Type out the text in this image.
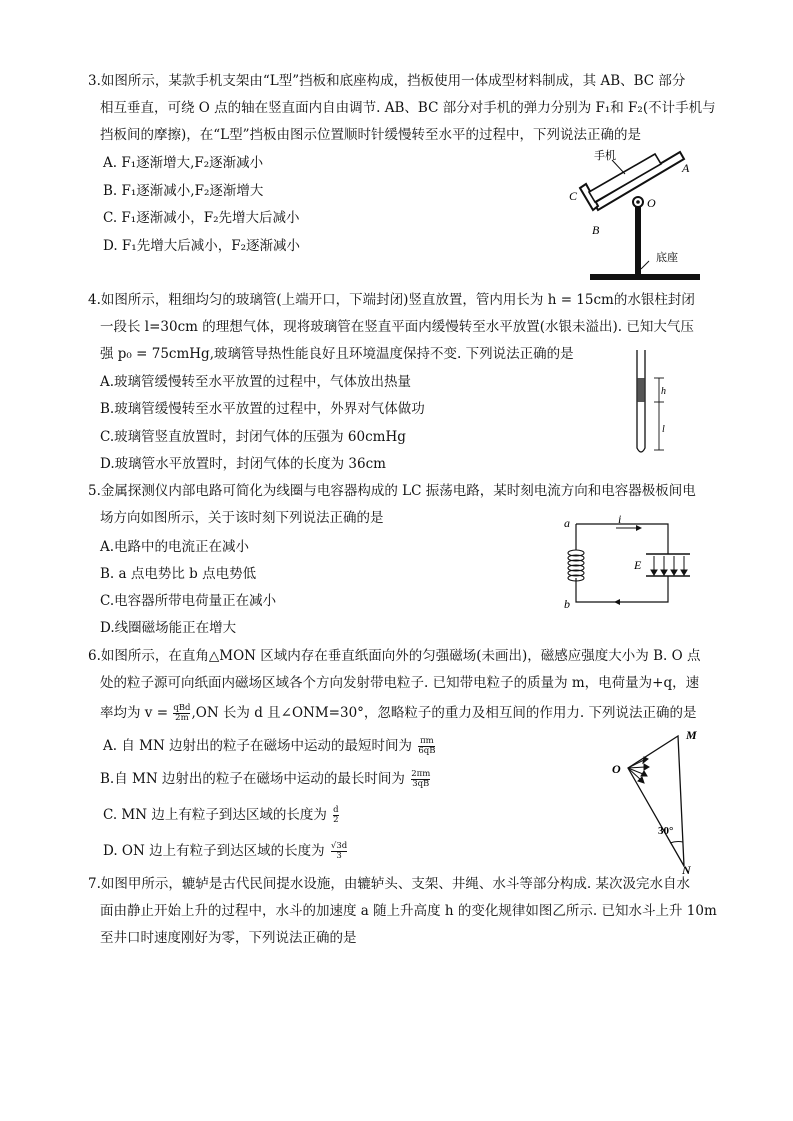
3.如图所示，某款手机支架由“L型”挡板和底座构成，挡板使用一体成型材料制成，其 AB、BC 部分
相互垂直，可绕 O 点的轴在竖直面内自由调节. AB、BC 部分对手机的弹力分别为 F₁和 F₂(不计手机与
挡板间的摩擦)，在“L型”挡板由图示位置顺时针缓慢转至水平的过程中，下列说法正确的是
A. F₁逐渐增大,F₂逐渐减小
B. F₁逐渐减小,F₂逐渐增大
C. F₁逐渐减小，F₂先增大后减小
D. F₁先增大后减小，F₂逐渐减小
手机
底座
A
C
B
O
4.如图所示，粗细均匀的玻璃管(上端开口，下端封闭)竖直放置，管内用长为 h = 15cm的水银柱封闭
一段长 l=30cm 的理想气体，现将玻璃管在竖直平面内缓慢转至水平放置(水银未溢出). 已知大气压
强 p₀ = 75cmHg,玻璃管导热性能良好且环境温度保持不变. 下列说法正确的是
A.玻璃管缓慢转至水平放置的过程中，气体放出热量
B.玻璃管缓慢转至水平放置的过程中，外界对气体做功
C.玻璃管竖直放置时，封闭气体的压强为 60cmHg
D.玻璃管水平放置时，封闭气体的长度为 36cm
h
l
5.金属探测仪内部电路可简化为线圈与电容器构成的 LC 振荡电路，某时刻电流方向和电容器极板间电
场方向如图所示，关于该时刻下列说法正确的是
A.电路中的电流正在减小
B. a 点电势比 b 点电势低
C.电容器所带电荷量正在减小
D.线圈磁场能正在增大
a
b
i
E
6.如图所示，在直角△MON 区域内存在垂直纸面向外的匀强磁场(未画出)，磁感应强度大小为 B. O 点
处的粒子源可向纸面内磁场区域各个方向发射带电粒子. 已知带电粒子的质量为 m，电荷量为+q，速
率均为 v = qBd
2m ,ON 长为 d 且∠ONM=30°，忽略粒子的重力及相互间的作用力. 下列说法正确的是
A. 自 MN 边射出的粒子在磁场中运动的最短时间为 $\frac{\pi m}{6qB}$
B.自 MN 边射出的粒子在磁场中运动的最长时间为 $\frac{2\pi m}{3qB}$
C. MN 边上有粒子到达区域的长度为 $\frac{d}{2}$
D. ON 边上有粒子到达区域的长度为 $\frac{√3d}{3}$
M
O
N
30°
7.如图甲所示，辘轳是古代民间提水设施，由辘轳头、支架、井绳、水斗等部分构成. 某次汲完水自水
面由静止开始上升的过程中，水斗的加速度 a 随上升高度 h 的变化规律如图乙所示. 已知水斗上升 10m
至井口时速度刚好为零，下列说法正确的是
